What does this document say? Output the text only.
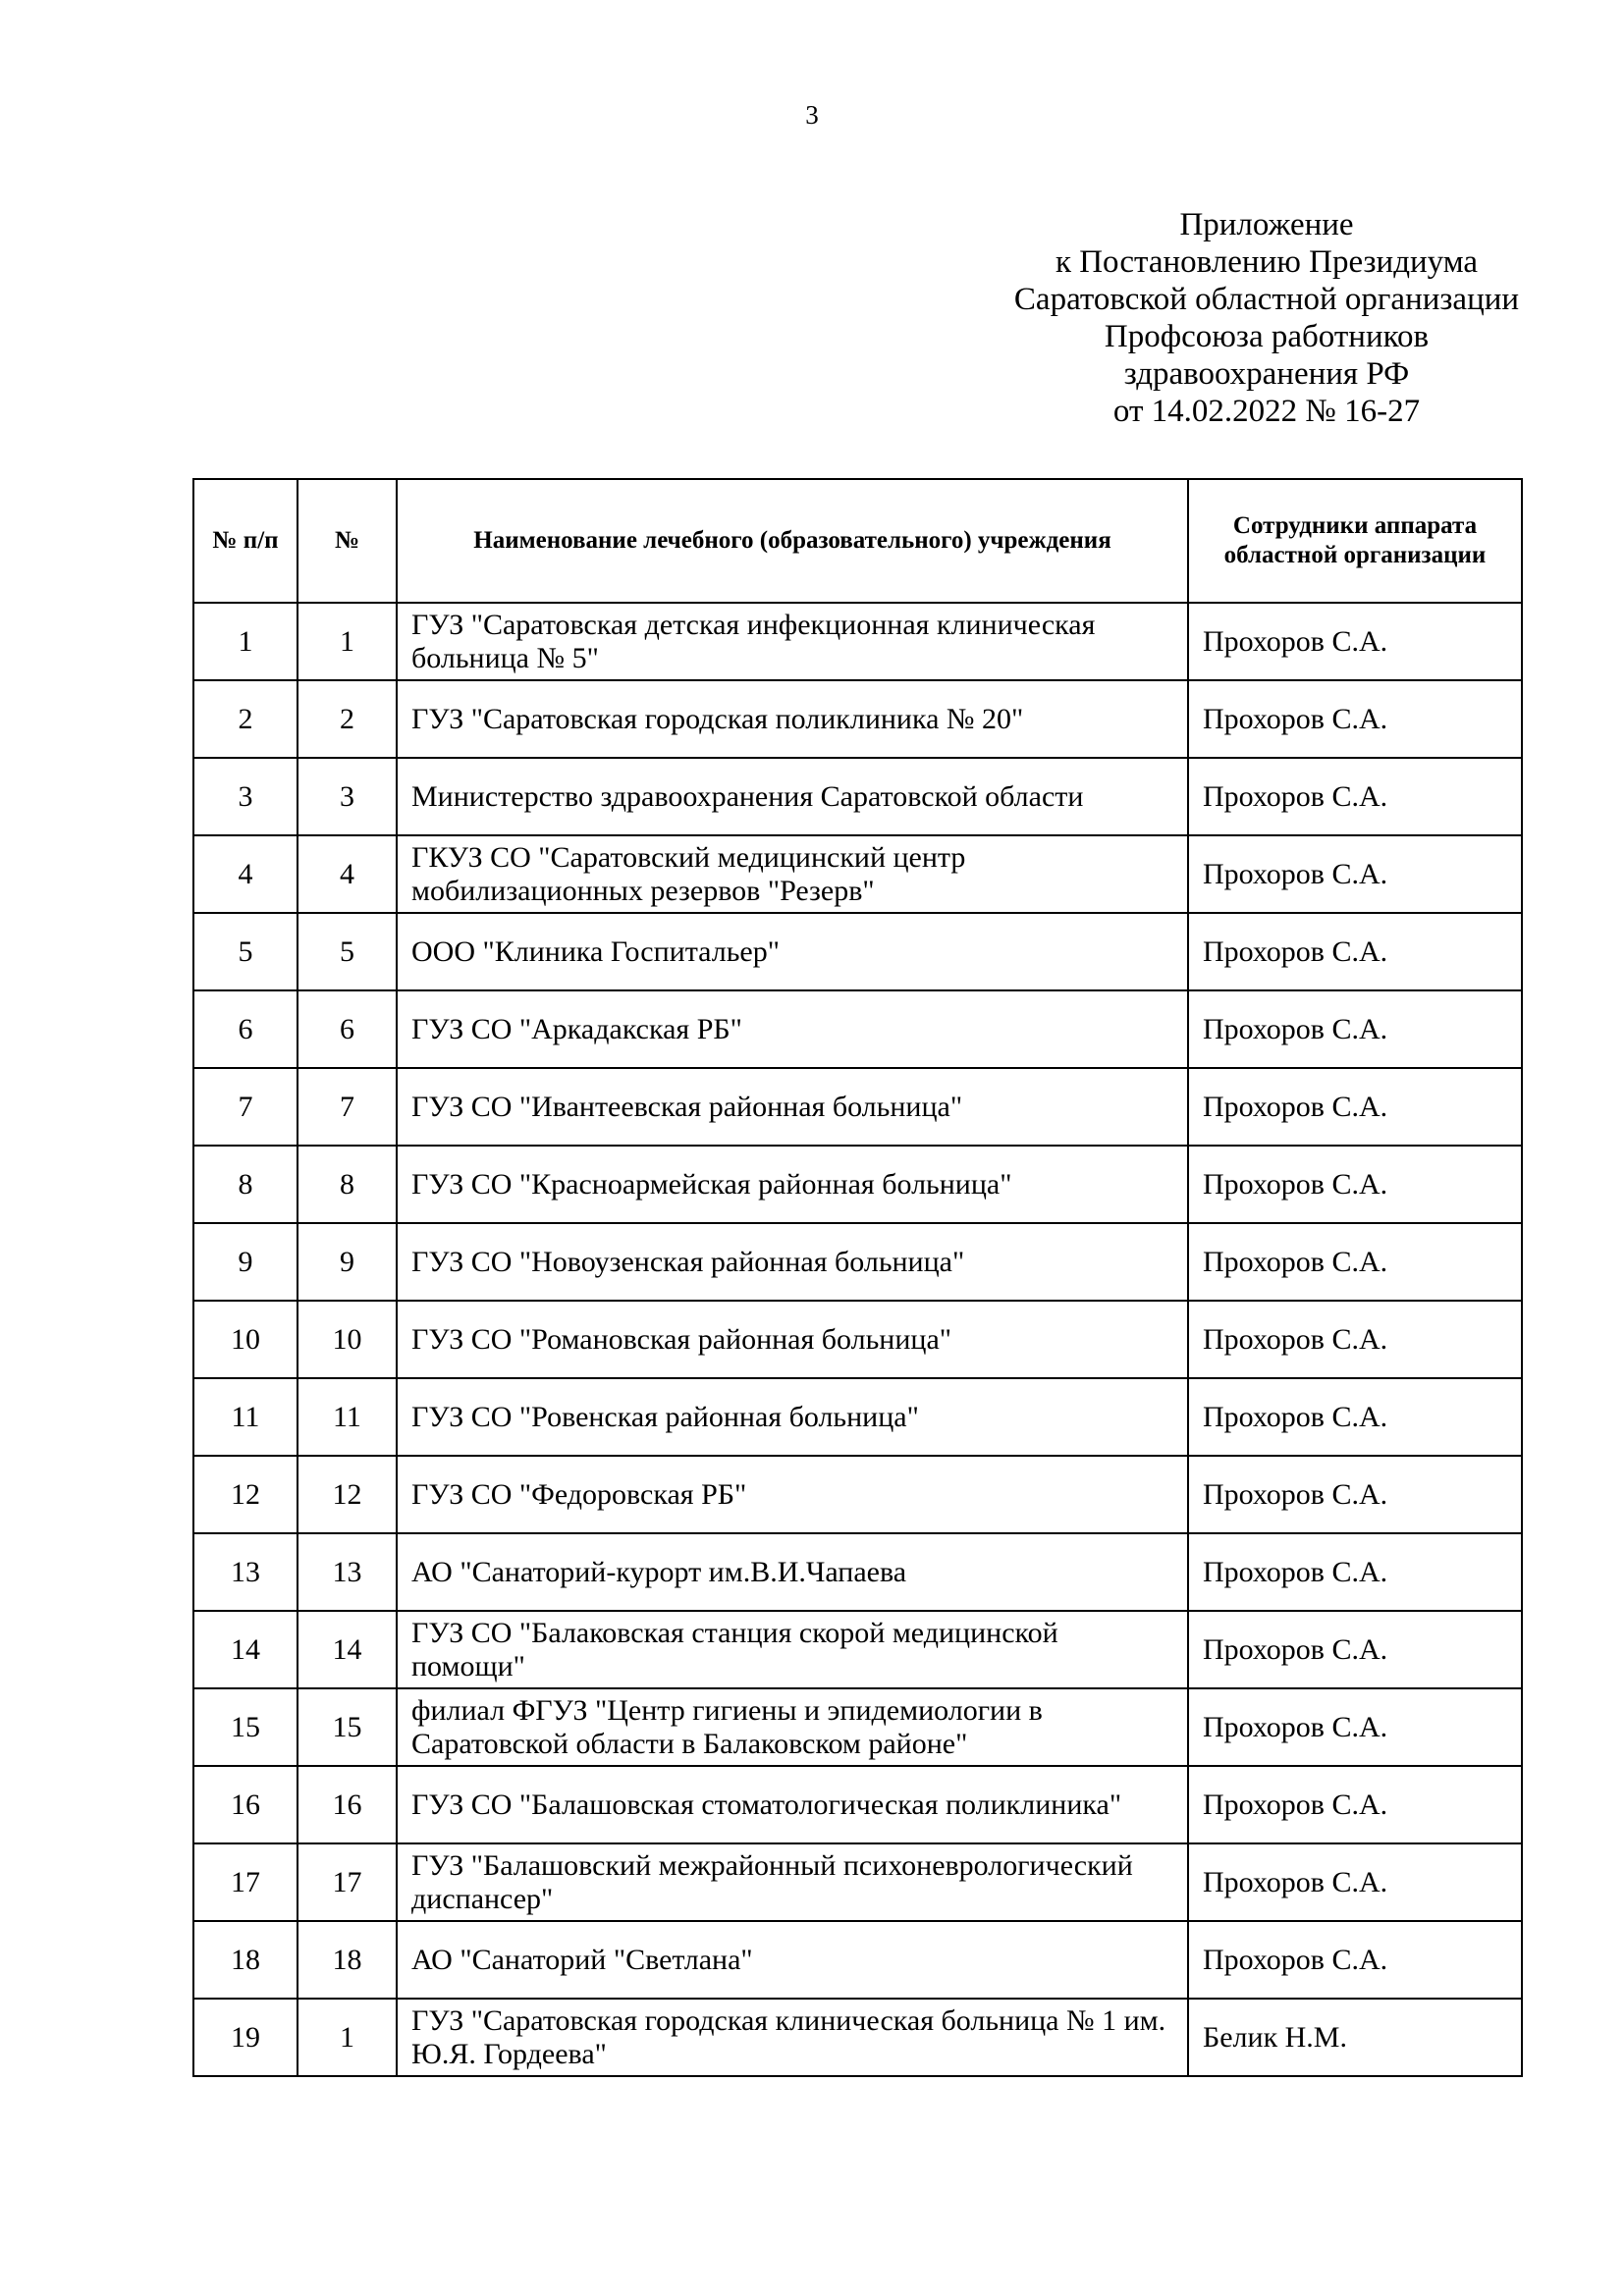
3
Приложение
к Постановлению Президиума
Саратовской областной организации
Профсоюза работников
здравоохранения РФ
от 14.02.2022 № 16-27
№ п/п	№	Наименование лечебного (образовательного) учреждения	Сотрудники аппарата областной организации
1	1	ГУЗ "Саратовская детская инфекционная клиническая больница № 5"	Прохоров С.А.
2	2	ГУЗ "Саратовская городская поликлиника № 20"	Прохоров С.А.
3	3	Министерство здравоохранения Саратовской области	Прохоров С.А.
4	4	ГКУЗ СО "Саратовский медицинский центр мобилизационных резервов "Резерв"	Прохоров С.А.
5	5	ООО "Клиника Госпитальер"	Прохоров С.А.
6	6	ГУЗ СО "Аркадакская РБ"	Прохоров С.А.
7	7	ГУЗ СО "Ивантеевская районная больница"	Прохоров С.А.
8	8	ГУЗ СО "Красноармейская районная больница"	Прохоров С.А.
9	9	ГУЗ СО "Новоузенская районная больница"	Прохоров С.А.
10	10	ГУЗ СО "Романовская районная больница"	Прохоров С.А.
11	11	ГУЗ СО "Ровенская районная больница"	Прохоров С.А.
12	12	ГУЗ СО "Федоровская РБ"	Прохоров С.А.
13	13	АО "Санаторий-курорт им.В.И.Чапаева	Прохоров С.А.
14	14	ГУЗ СО "Балаковская станция скорой медицинской помощи"	Прохоров С.А.
15	15	филиал ФГУЗ "Центр гигиены и эпидемиологии в Саратовской области в Балаковском районе"	Прохоров С.А.
16	16	ГУЗ СО "Балашовская стоматологическая поликлиника"	Прохоров С.А.
17	17	ГУЗ "Балашовский межрайонный психоневрологический диспансер"	Прохоров С.А.
18	18	АО "Санаторий "Светлана"	Прохоров С.А.
19	1	ГУЗ "Саратовская городская клиническая больница № 1 им. Ю.Я. Гордеева"	Белик Н.М.
